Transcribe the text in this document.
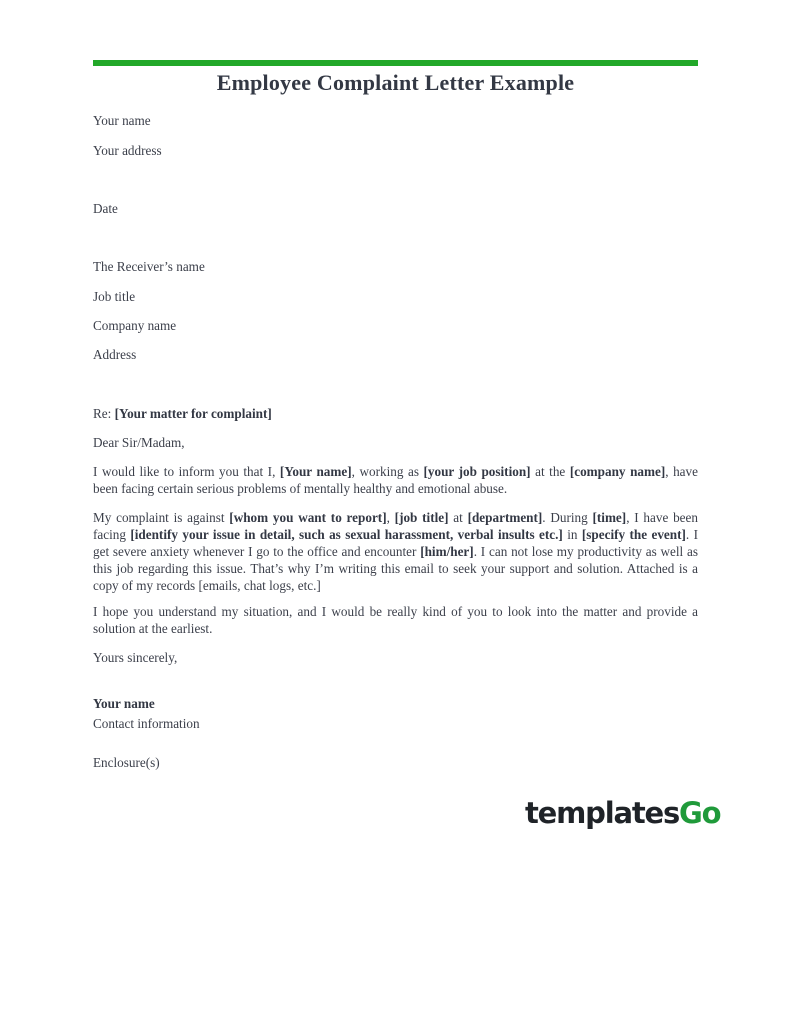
Employee Complaint Letter Example
Your name
Your address
Date
The Receiver’s name
Job title
Company name
Address
Re: [Your matter for complaint]
Dear Sir/Madam,

I would like to inform you that I, [Your name], working as [your job position] at the [company name], have been facing certain serious problems of mentally healthy and emotional abuse.

My complaint is against [whom you want to report], [job title] at [department]. During [time], I have been facing [identify your issue in detail, such as sexual harassment, verbal insults etc.] in [specify the event]. I get severe anxiety whenever I go to the office and encounter [him/her]. I can not lose my productivity as well as this job regarding this issue. That’s why I’m writing this email to seek your support and solution. Attached is a copy of my records [emails, chat logs, etc.]

I hope you understand my situation, and I would be really kind of you to look into the matter and provide a solution at the earliest.

Yours sincerely,
Your name
Contact information
Enclosure(s)
templatesGo
